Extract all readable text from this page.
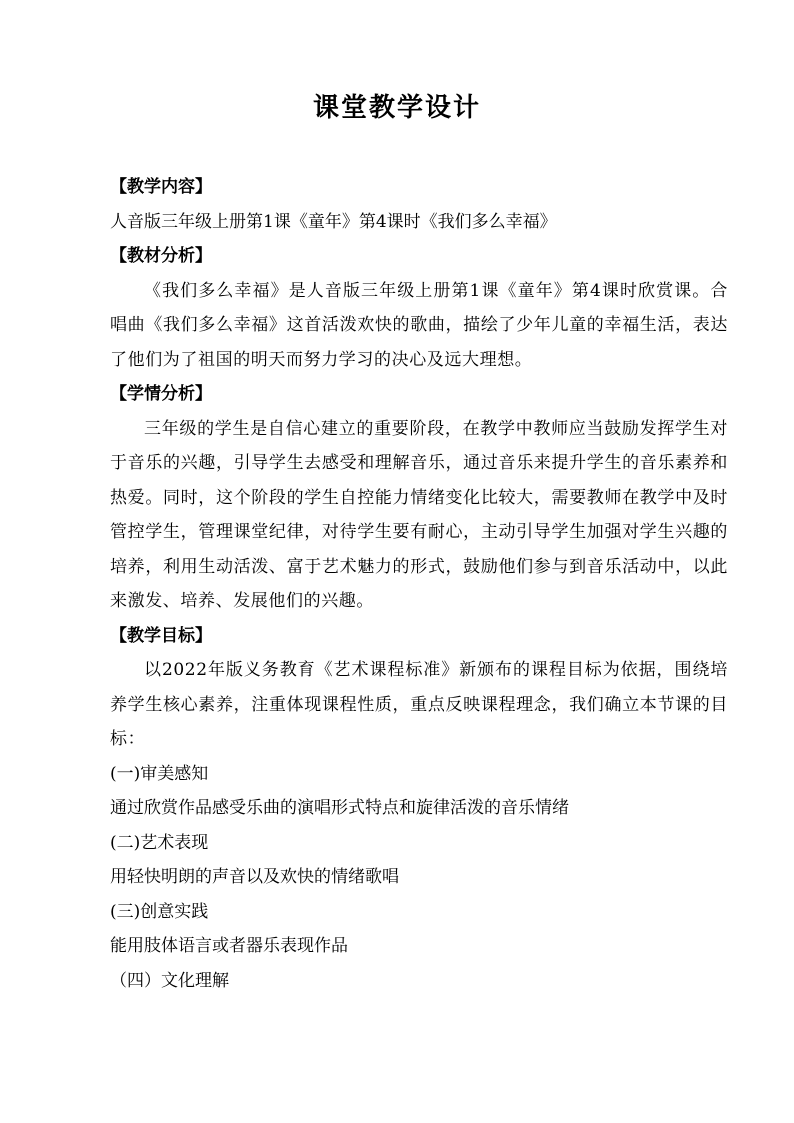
课堂教学设计
【教学内容】
人音版三年级上册第1课《童年》第4课时《我们多么幸福》
【教材分析】
《我们多么幸福》是人音版三年级上册第1课《童年》第4课时欣赏课。合唱曲《我们多么幸福》这首活泼欢快的歌曲，描绘了少年儿童的幸福生活，表达了他们为了祖国的明天而努力学习的决心及远大理想。
【学情分析】
三年级的学生是自信心建立的重要阶段，在教学中教师应当鼓励发挥学生对于音乐的兴趣，引导学生去感受和理解音乐，通过音乐来提升学生的音乐素养和热爱。同时，这个阶段的学生自控能力情绪变化比较大，需要教师在教学中及时管控学生，管理课堂纪律，对待学生要有耐心，主动引导学生加强对学生兴趣的培养，利用生动活泼、富于艺术魅力的形式，鼓励他们参与到音乐活动中，以此来激发、培养、发展他们的兴趣。
【教学目标】
以2022年版义务教育《艺术课程标准》新颁布的课程目标为依据，围绕培养学生核心素养，注重体现课程性质，重点反映课程理念，我们确立本节课的目标：
(一)审美感知
通过欣赏作品感受乐曲的演唱形式特点和旋律活泼的音乐情绪
(二)艺术表现
用轻快明朗的声音以及欢快的情绪歌唱
(三)创意实践
能用肢体语言或者器乐表现作品
（四）文化理解
